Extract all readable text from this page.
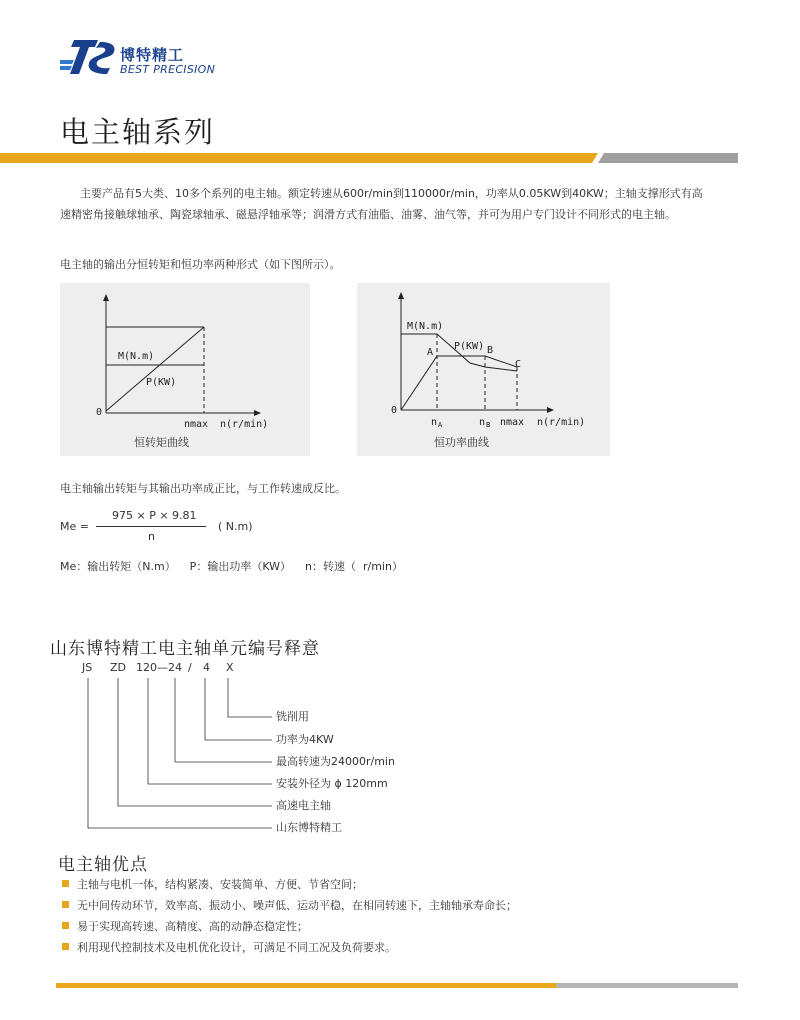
博特精工
BEST PRECISION
电主轴系列
主要产品有5大类、10多个系列的电主轴。额定转速从600r/min到110000r/min，功率从0.05KW到40KW；主轴支撑形式有高
速精密角接触球轴承、陶瓷球轴承、磁悬浮轴承等；润滑方式有油脂、油雾、油气等，并可为用户专门设计不同形式的电主轴。
电主轴的输出分恒转矩和恒功率两种形式（如下图所示）。
M(N.m)
P(KW)
0
nmax n(r/min)
恒转矩曲线
M(N.m)
A
P(KW) B
C
0
n A	n B nmax n(r/min)
恒功率曲线
电主轴输出转矩与其输出功率成正比，与工作转速成反比。
Me =
975 × P × 9.81
n
( N.m)
Me：输出转矩（N.m）    P：输出功率（KW）    n：转速（  r/min）
山东博特精工电主轴单元编号释意
JS ZD 120—24 / 4 X
铣削用
功率为4KW
最高转速为24000r/min
安装外径为 ϕ 120mm
高速电主轴
山东博特精工
电主轴优点
主轴与电机一体，结构紧凑、安装简单、方便、节省空间；
无中间传动环节，效率高、振动小、噪声低、运动平稳，在相同转速下，主轴轴承寿命长；
易于实现高转速、高精度、高的动静态稳定性；
利用现代控制技术及电机优化设计，可满足不同工况及负荷要求。
